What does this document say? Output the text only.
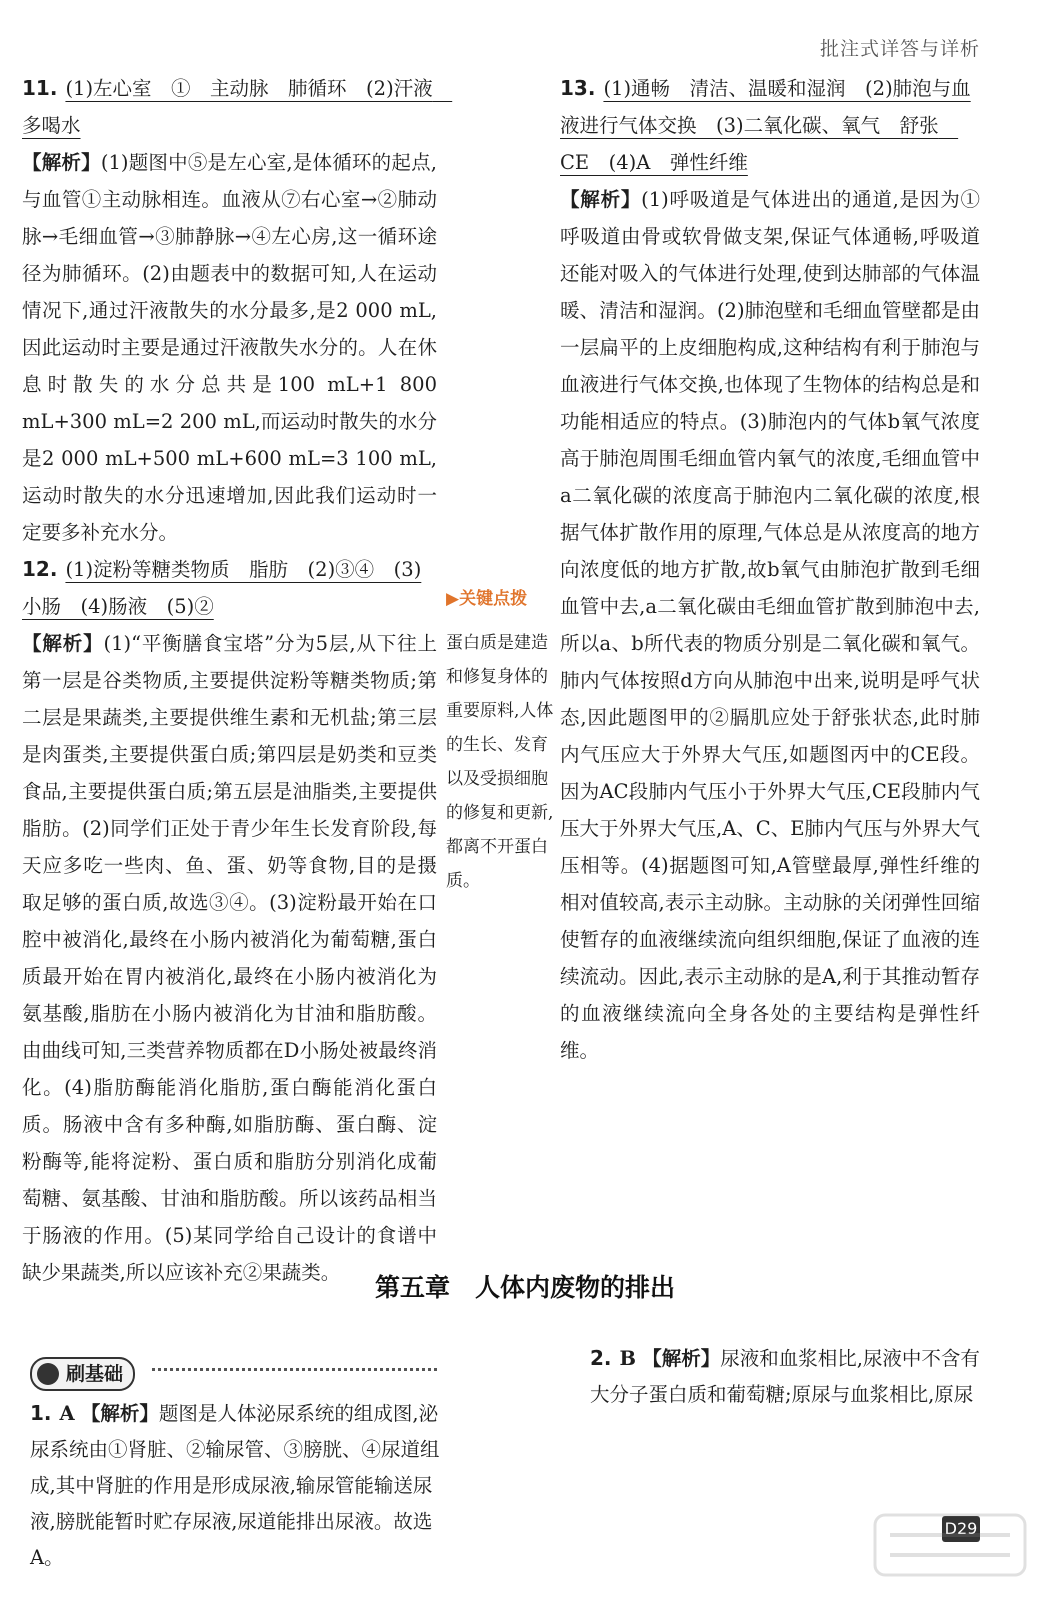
批注式详答与详析
11. (1)左心室　①　主动脉　肺循环　(2)汗液　多喝水

【解析】(1)题图中⑤是左心室,是体循环的起点,与血管①主动脉相连。血液从⑦右心室→②肺动脉→毛细血管→③肺静脉→④左心房,这一循环途径为肺循环。(2)由题表中的数据可知,人在运动情况下,通过汗液散失的水分最多,是2 000 mL,因此运动时主要是通过汗液散失水分的。人在休息时散失的水分总共是100 mL+1 800 mL+300 mL=2 200 mL,而运动时散失的水分是2 000 mL+500 mL+600 mL=3 100 mL,运动时散失的水分迅速增加,因此我们运动时一定要多补充水分。

12. (1)淀粉等糖类物质　脂肪　(2)③④　(3)小肠　(4)肠液　(5)②

【解析】(1)“平衡膳食宝塔”分为5层,从下往上第一层是谷类物质,主要提供淀粉等糖类物质;第二层是果蔬类,主要提供维生素和无机盐;第三层是肉蛋类,主要提供蛋白质;第四层是奶类和豆类食品,主要提供蛋白质;第五层是油脂类,主要提供脂肪。(2)同学们正处于青少年生长发育阶段,每天应多吃一些肉、鱼、蛋、奶等食物,目的是摄取足够的蛋白质,故选③④。(3)淀粉最开始在口腔中被消化,最终在小肠内被消化为葡萄糖,蛋白质最开始在胃内被消化,最终在小肠内被消化为氨基酸,脂肪在小肠内被消化为甘油和脂肪酸。由曲线可知,三类营养物质都在D小肠处被最终消化。(4)脂肪酶能消化脂肪,蛋白酶能消化蛋白质。肠液中含有多种酶,如脂肪酶、蛋白酶、淀粉酶等,能将淀粉、蛋白质和脂肪分别消化成葡萄糖、氨基酸、甘油和脂肪酸。所以该药品相当于肠液的作用。(5)某同学给自己设计的食谱中缺少果蔬类,所以应该补充②果蔬类。

▶关键点拨
蛋白质是建造和修复身体的重要原料,人体的生长、发育以及受损细胞的修复和更新,都离不开蛋白质。
13. (1)通畅　清洁、温暖和湿润　(2)肺泡与血液进行气体交换　(3)二氧化碳、氧气　舒张　CE　(4)A　弹性纤维

【解析】(1)呼吸道是气体进出的通道,是因为①呼吸道由骨或软骨做支架,保证气体通畅,呼吸道还能对吸入的气体进行处理,使到达肺部的气体温暖、清洁和湿润。(2)肺泡壁和毛细血管壁都是由一层扁平的上皮细胞构成,这种结构有利于肺泡与血液进行气体交换,也体现了生物体的结构总是和功能相适应的特点。(3)肺泡内的气体b氧气浓度高于肺泡周围毛细血管内氧气的浓度,毛细血管中a二氧化碳的浓度高于肺泡内二氧化碳的浓度,根据气体扩散作用的原理,气体总是从浓度高的地方向浓度低的地方扩散,故b氧气由肺泡扩散到毛细血管中去,a二氧化碳由毛细血管扩散到肺泡中去,所以a、b所代表的物质分别是二氧化碳和氧气。肺内气体按照d方向从肺泡中出来,说明是呼气状态,因此题图甲的②膈肌应处于舒张状态,此时肺内气压应大于外界大气压,如题图丙中的CE段。因为AC段肺内气压小于外界大气压,CE段肺内气压大于外界大气压,A、C、E肺内气压与外界大气压相等。(4)据题图可知,A管壁最厚,弹性纤维的相对值较高,表示主动脉。主动脉的关闭弹性回缩使暂存的血液继续流向组织细胞,保证了血液的连续流动。因此,表示主动脉的是A,利于其推动暂存的血液继续流向全身各处的主要结构是弹性纤维。

第五章　人体内废物的排出
刷基础
1. A 【解析】题图是人体泌尿系统的组成图,泌尿系统由①肾脏、②输尿管、③膀胱、④尿道组成,其中肾脏的作用是形成尿液,输尿管能输送尿液,膀胱能暂时贮存尿液,尿道能排出尿液。故选A。
2. B 【解析】尿液和血浆相比,尿液中不含有大分子蛋白质和葡萄糖;原尿与血浆相比,原尿
D29
